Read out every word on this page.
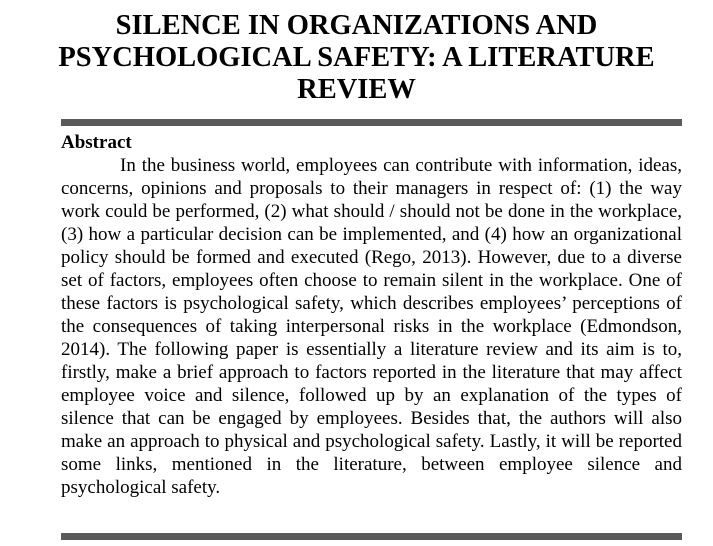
SILENCE IN ORGANIZATIONS AND PSYCHOLOGICAL SAFETY: A LITERATURE REVIEW
Abstract

In the business world, employees can contribute with information, ideas, concerns, opinions and proposals to their managers in respect of: (1) the way work could be performed, (2) what should / should not be done in the workplace, (3) how a particular decision can be implemented, and (4) how an organizational policy should be formed and executed (Rego, 2013). However, due to a diverse set of factors, employees often choose to remain silent in the workplace. One of these factors is psychological safety, which describes employees’ perceptions of the consequences of taking interpersonal risks in the workplace (Edmondson, 2014). The following paper is essentially a literature review and its aim is to, firstly, make a brief approach to factors reported in the literature that may affect employee voice and silence, followed up by an explanation of the types of silence that can be engaged by employees. Besides that, the authors will also make an approach to physical and psychological safety. Lastly, it will be reported some links, mentioned in the literature, between employee silence and psychological safety.
